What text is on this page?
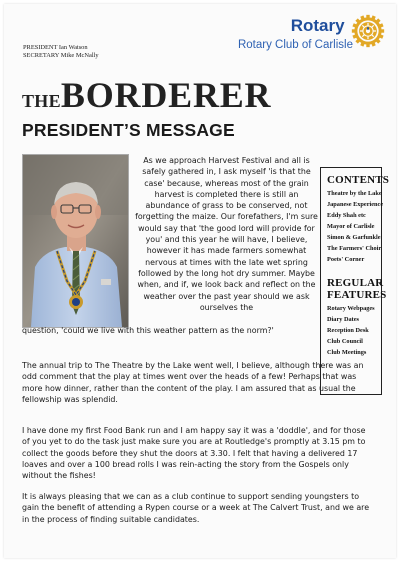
PRESIDENT Ian Watson
SECRETARY Mike McNally
Rotary
Rotary Club of Carlisle
THEBORDERER
PRESIDENT’S MESSAGE
As we approach Harvest Festival and all is safely gathered in, I ask myself 'is that the case' because, whereas most of the grain harvest is completed there is still an abundance of grass to be conserved, not forgetting the maize. Our forefathers, I'm sure would say that 'the good lord will provide for you' and this year he will have, I believe, however it has made farmers somewhat nervous at times with the late wet spring followed by the long hot dry summer. Maybe when, and if, we look back and reflect on the weather over the past year should we ask ourselves the
question, 'could we live with this weather pattern as the norm?'
The annual trip to The Theatre by the Lake went well, I believe, although there was an odd comment that the play at times went over the heads of a few! Perhaps that was more how dinner, rather than the content of the play. I am assured that as usual the fellowship was splendid.
I have done my first Food Bank run and I am happy say it was a 'doddle', and for those of you yet to do the task just make sure you are at Routledge's promptly at 3.15 pm to collect the goods before they shut the doors at 3.30. I felt that having a delivered 17 loaves and over a 100 bread rolls I was rein-acting the story from the Gospels only without the fishes!
It is always pleasing that we can as a club continue to support sending youngsters to gain the benefit of attending a Rypen course or a week at The Calvert Trust, and we are in the process of finding suitable candidates.
CONTENTS
Theatre by the Lake
Japanese Experience
Eddy Shah etc
Mayor of Carlisle
Simon & Garfunkle
The Farmers' Choir
Poets' Corner
REGULAR
FEATURES
Rotary Webpages
Diary Dates
Reception Desk
Club Council
Club Meetings
